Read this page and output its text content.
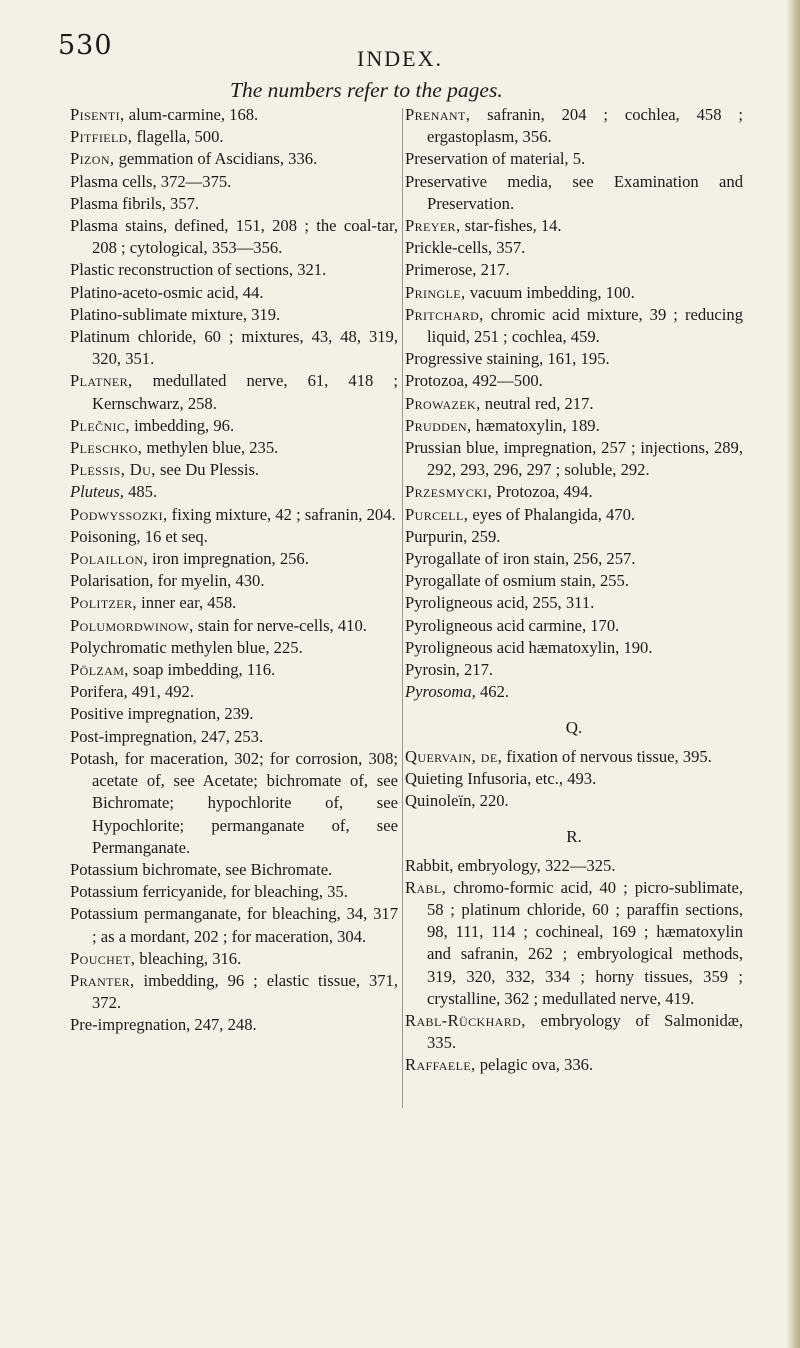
530	INDEX.
The numbers refer to the pages.

Pisenti, alum-carmine, 168.

Pitfield, flagella, 500.

Pizon, gemmation of Ascidians, 336.

Plasma cells, 372—375.

Plasma fibrils, 357.

Plasma stains, defined, 151, 208 ; the coal-tar, 208 ; cytological, 353—356.

Plastic reconstruction of sections, 321.

Platino-aceto-osmic acid, 44.

Platino-sublimate mixture, 319.

Platinum chloride, 60 ; mixtures, 43, 48, 319, 320, 351.

Platner, medullated nerve, 61, 418 ; Kernschwarz, 258.

Plečnic, imbedding, 96.

Pleschko, methylen blue, 235.

Plessis, Du, see Du Plessis.

Pluteus, 485.

Podwyssozki, fixing mixture, 42 ; safranin, 204.

Poisoning, 16 et seq.

Polaillon, iron impregnation, 256.

Polarisation, for myelin, 430.

Politzer, inner ear, 458.

Polumordwinow, stain for nerve-cells, 410.

Polychromatic methylen blue, 225.

Pölzam, soap imbedding, 116.

Porifera, 491, 492.

Positive impregnation, 239.

Post-impregnation, 247, 253.

Potash, for maceration, 302; for corrosion, 308; acetate of, see Acetate; bichromate of, see Bichromate; hypochlorite of, see Hypochlorite; permanganate of, see Permanganate.

Potassium bichromate, see Bichromate.

Potassium ferricyanide, for bleaching, 35.

Potassium permanganate, for bleaching, 34, 317 ; as a mordant, 202 ; for maceration, 304.

Pouchet, bleaching, 316.

Pranter, imbedding, 96 ; elastic tissue, 371, 372.

Pre-impregnation, 247, 248.

Prenant, safranin, 204 ; cochlea, 458 ; ergastoplasm, 356.

Preservation of material, 5.

Preservative media, see Examination and Preservation.

Preyer, star-fishes, 14.

Prickle-cells, 357.

Primerose, 217.

Pringle, vacuum imbedding, 100.

Pritchard, chromic acid mixture, 39 ; reducing liquid, 251 ; cochlea, 459.

Progressive staining, 161, 195.

Protozoa, 492—500.

Prowazek, neutral red, 217.

Prudden, hæmatoxylin, 189.

Prussian blue, impregnation, 257 ; injections, 289, 292, 293, 296, 297 ; soluble, 292.

Przesmycki, Protozoa, 494.

Purcell, eyes of Phalangida, 470.

Purpurin, 259.

Pyrogallate of iron stain, 256, 257.

Pyrogallate of osmium stain, 255.

Pyroligneous acid, 255, 311.

Pyroligneous acid carmine, 170.

Pyroligneous acid hæmatoxylin, 190.

Pyrosin, 217.

Pyrosoma, 462.

Q.

Quervain, de, fixation of nervous tissue, 395.

Quieting Infusoria, etc., 493.

Quinoleïn, 220.

R.

Rabbit, embryology, 322—325.

Rabl, chromo-formic acid, 40 ; picro-sublimate, 58 ; platinum chloride, 60 ; paraffin sections, 98, 111, 114 ; cochineal, 169 ; hæmatoxylin and safranin, 262 ; embryological methods, 319, 320, 332, 334 ; horny tissues, 359 ; crystalline, 362 ; medullated nerve, 419.

Rabl-Rückhard, embryology of Salmonidæ, 335.

Raffaele, pelagic ova, 336.
